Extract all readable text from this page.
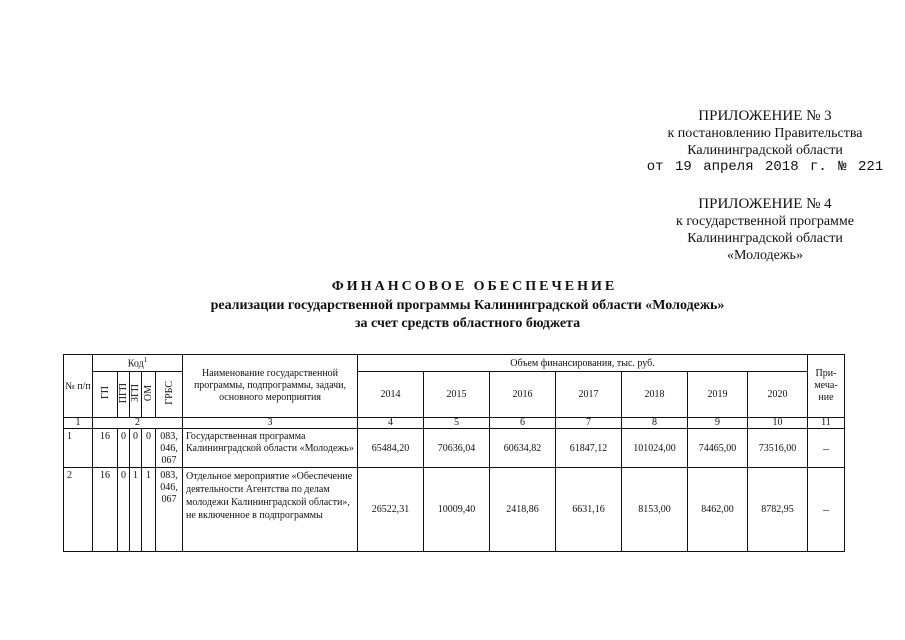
ПРИЛОЖЕНИЕ № 3
к постановлению Правительства
Калининградской области
от 19 апреля 2018 г. № 221
ПРИЛОЖЕНИЕ № 4
к государственной программе
Калининградской области
«Молодежь»
ФИНАНСОВОЕ ОБЕСПЕЧЕНИЕ
реализации государственной программы Калининградской области «Молодежь»
за счет средств областного бюджета
№ п/п	Код$^1$					Наименование государственной программы, подпрограммы, задачи, основного мероприятия	Объем финансирования, тыс. руб.							При-
меча-
ние
	ГП	ПГП	ЗГП	ОМ	ГРБС		2014	2015	2016	2017	2018	2019	2020	
1	2					3	4	5	6	7	8	9	10	11
1	16	0	0	0	083,
046,
067	Государственная программа Калининградской области «Молодежь»	65484,20	70636,04	60634,82	61847,12	101024,00	74465,00	73516,00	–
2	16	0	1	1	083,
046,
067	Отдельное мероприятие «Обеспечение деятельности Агентства по делам молодежи Калининградской области», не включенное в подпрограммы	26522,31	10009,40	2418,86	6631,16	8153,00	8462,00	8782,95	–
